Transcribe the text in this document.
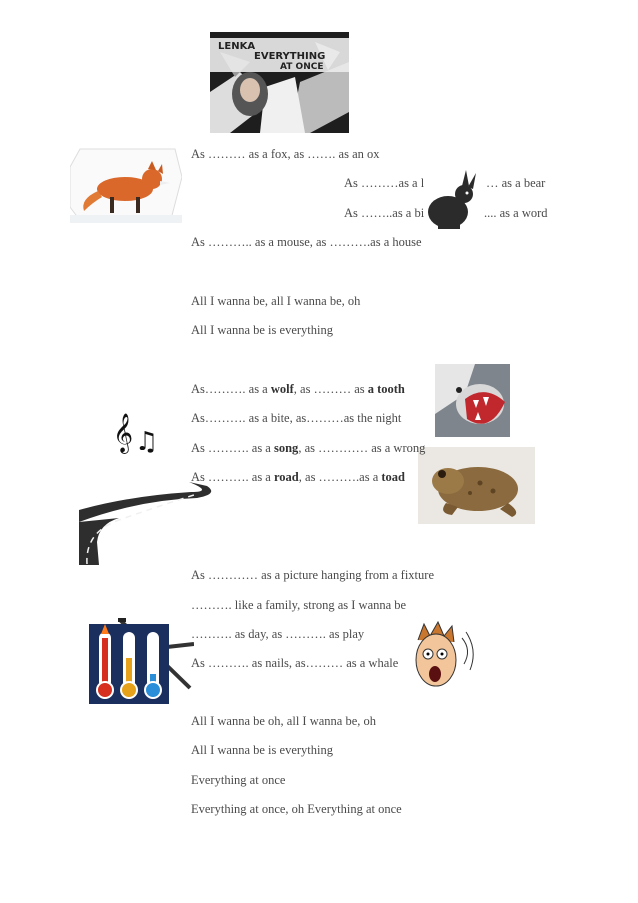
LENKA
EVERYTHING
AT ONCE
𝄞 ♫
As ……… as a fox, as ……. as an ox
As ………as a l	… as a bear
As ……..as a bi	.... as a word
As ……….. as a mouse, as ……….as a house
All I wanna be, all I wanna be, oh
All I wanna be is everything
As………. as a wolf, as ……… as a tooth
As………. as a bite, as………as the night
As ………. as a song, as ………… as a wrong
As ………. as a road, as ……….as a toad
As ………… as a picture hanging from a fixture
………. like a family, strong as I wanna be
………. as day, as ………. as play
As ………. as nails, as……… as a whale
All I wanna be oh, all I wanna be, oh
All I wanna be is everything
Everything at once
Everything at once, oh Everything at once
